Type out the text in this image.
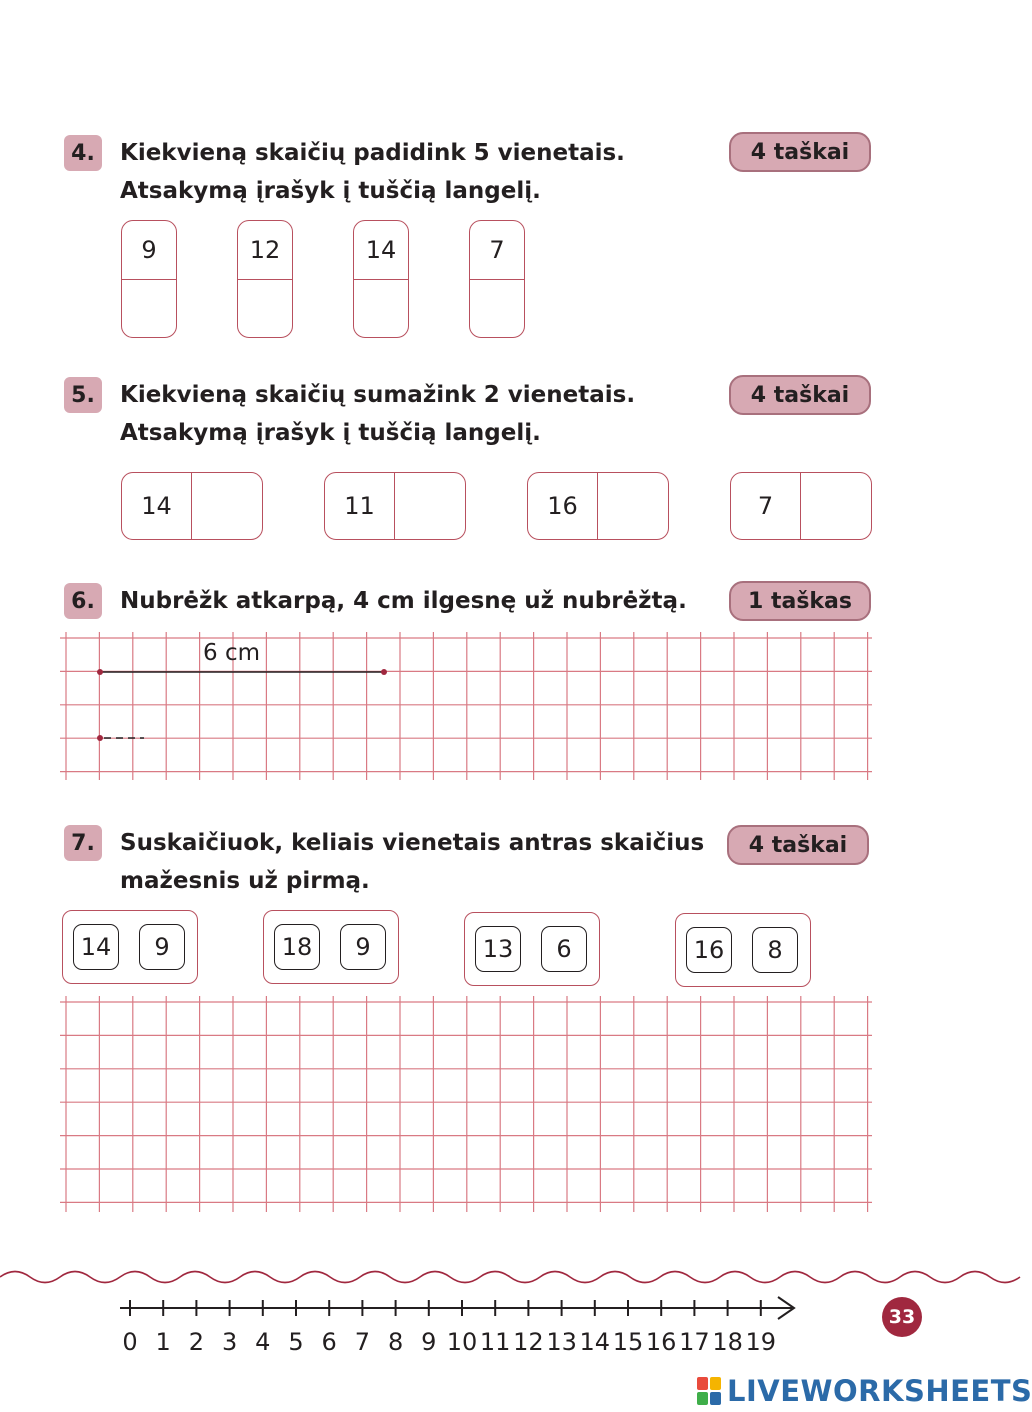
4.	Kiekvieną skaičių padidink 5 vienetais.
Atsakymą įrašyk į tuščią langelį.
4 taškai
9	12	14	7
5.	Kiekvieną skaičių sumažink 2 vienetais.
Atsakymą įrašyk į tuščią langelį.
4 taškai
14	11	16	7
6.	Nubrėžk atkarpą, 4 cm ilgesnę už nubrėžtą.	1 taškas
6 cm
7.	Suskaičiuok, keliais vienetais antras skaičius
mažesnis už pirmą.
4 taškai
14	9	18	9	13	6	16	8
0 1 2 3 4 5 6 7 8 9 10 11 12 13 14 15 16 17 18 19
33
LIVEWORKSHEETS
